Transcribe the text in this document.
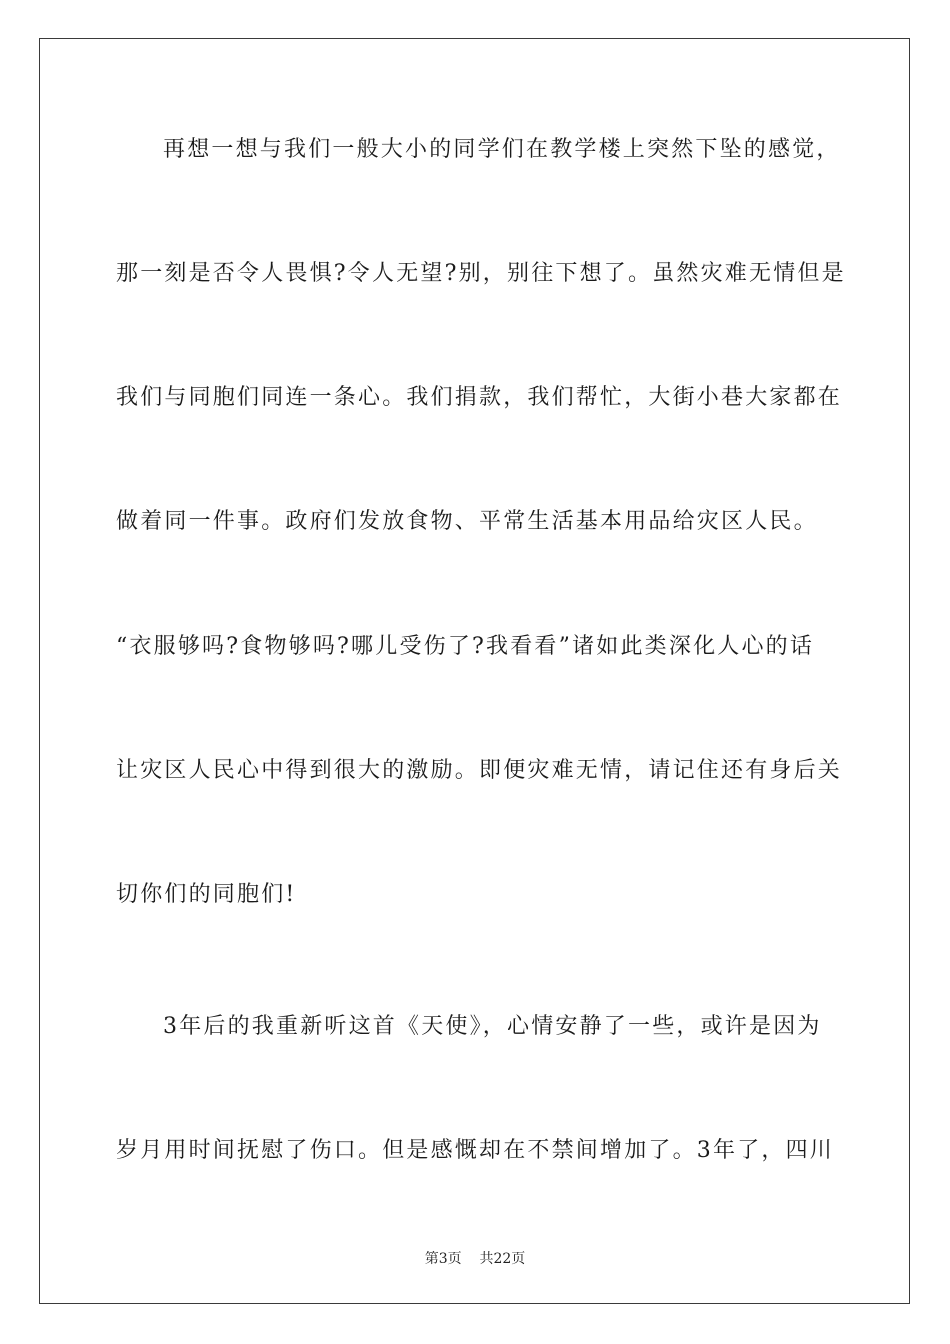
再想一想与我们一般大小的同学们在教学楼上突然下坠的感觉，
那一刻是否令人畏惧?令人无望?别，别往下想了。虽然灾难无情但是
我们与同胞们同连一条心。我们捐款，我们帮忙，大街小巷大家都在
做着同一件事。政府们发放食物、平常生活基本用品给灾区人民。
“衣服够吗?食物够吗?哪儿受伤了?我看看”诸如此类深化人心的话
让灾区人民心中得到很大的激励。即便灾难无情，请记住还有身后关
切你们的同胞们!
3年后的我重新听这首《天使》，心情安静了一些，或许是因为
岁月用时间抚慰了伤口。但是感慨却在不禁间增加了。3年了，四川
第3页    共22页
